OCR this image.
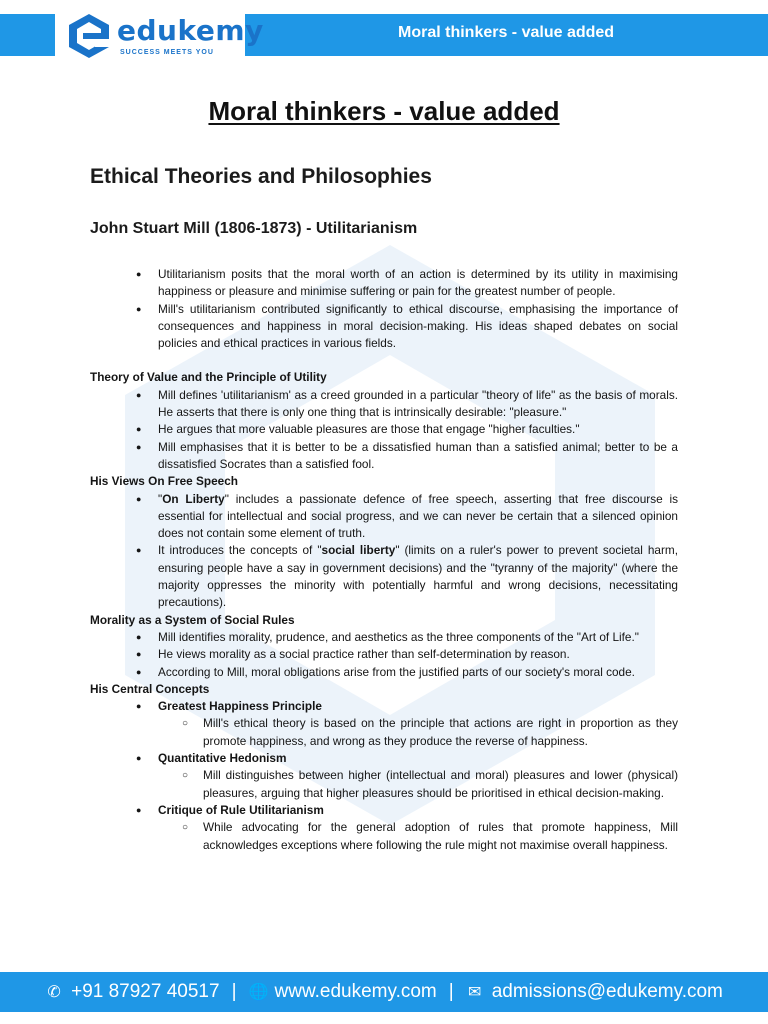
edukemy
SUCCESS MEETS YOU
Moral thinkers - value added
Moral thinkers - value added
Ethical Theories and Philosophies
John Stuart Mill (1806-1873) - Utilitarianism
● Utilitarianism posits that the moral worth of an action is determined by its utility in maximising happiness or pleasure and minimise suffering or pain for the greatest number of people.
● Mill's utilitarianism contributed significantly to ethical discourse, emphasising the importance of consequences and happiness in moral decision-making. His ideas shaped debates on social policies and ethical practices in various fields.
Theory of Value and the Principle of Utility
● Mill defines 'utilitarianism' as a creed grounded in a particular "theory of life" as the basis of morals. He asserts that there is only one thing that is intrinsically desirable: "pleasure."
● He argues that more valuable pleasures are those that engage "higher faculties."
● Mill emphasises that it is better to be a dissatisfied human than a satisfied animal; better to be a dissatisfied Socrates than a satisfied fool.
His Views On Free Speech
● "On Liberty" includes a passionate defence of free speech, asserting that free discourse is essential for intellectual and social progress, and we can never be certain that a silenced opinion does not contain some element of truth.
● It introduces the concepts of "social liberty" (limits on a ruler's power to prevent societal harm, ensuring people have a say in government decisions) and the "tyranny of the majority" (where the majority oppresses the minority with potentially harmful and wrong decisions, necessitating precautions).
Morality as a System of Social Rules
● Mill identifies morality, prudence, and aesthetics as the three components of the "Art of Life."
● He views morality as a social practice rather than self-determination by reason.
● According to Mill, moral obligations arise from the justified parts of our society's moral code.
His Central Concepts
● Greatest Happiness Principle
○ Mill's ethical theory is based on the principle that actions are right in proportion as they promote happiness, and wrong as they produce the reverse of happiness.
● Quantitative Hedonism
○ Mill distinguishes between higher (intellectual and moral) pleasures and lower (physical) pleasures, arguing that higher pleasures should be prioritised in ethical decision-making.
● Critique of Rule Utilitarianism
○ While advocating for the general adoption of rules that promote happiness, Mill acknowledges exceptions where following the rule might not maximise overall happiness.
✆ +91 87927 40517 | 🌐 www.edukemy.com | ✉ admissions@edukemy.com
